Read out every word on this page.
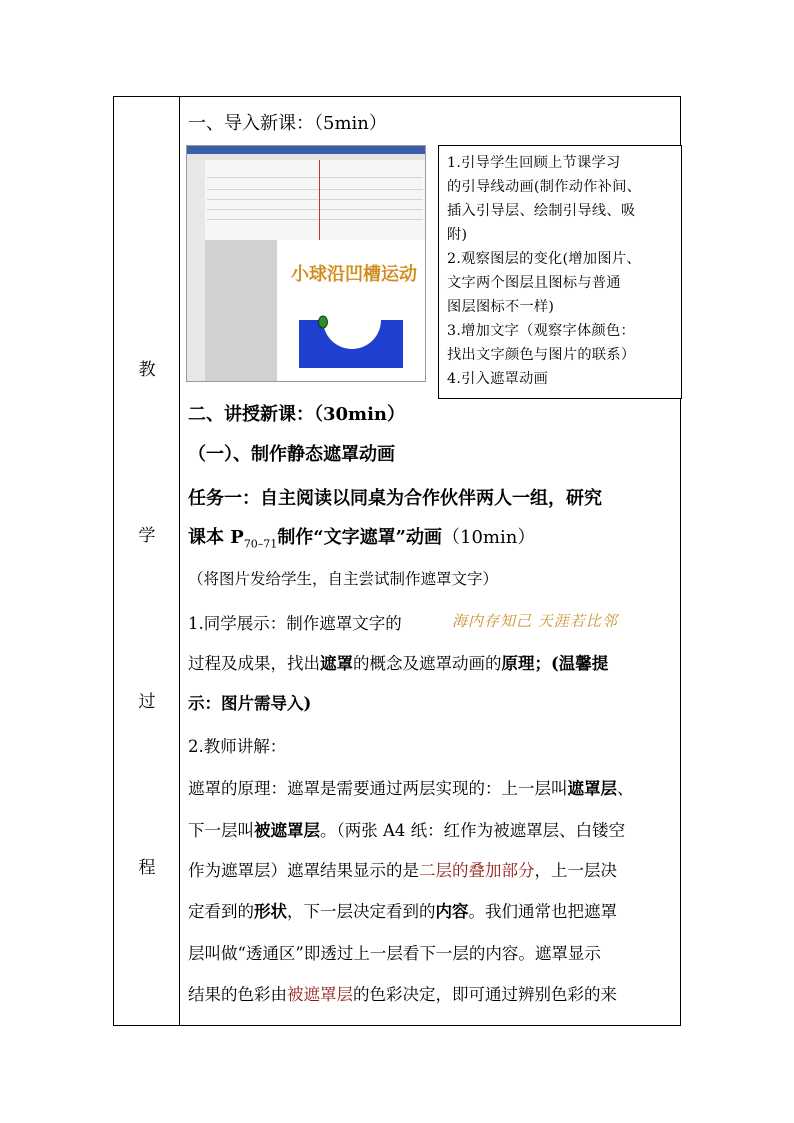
教
学
过
程
一、导入新课：（5min）
小球沿凹槽运动
1.引导学生回顾上节课学习
的引导线动画(制作动作补间、
插入引导层、绘制引导线、吸
附)
2.观察图层的变化(增加图片、
文字两个图层且图标与普通
图层图标不一样)
3.增加文字（观察字体颜色：
找出文字颜色与图片的联系）
4.引入遮罩动画
二、讲授新课：（30min）
（一）、制作静态遮罩动画
任务一：自主阅读以同桌为合作伙伴两人一组，研究
课本 $P_{70-71}$制作“文字遮罩”动画（10min）
（将图片发给学生，自主尝试制作遮罩文字）
1.同学展示：制作遮罩文字的	海内存知己 天涯若比邻
过程及成果，找出遮罩的概念及遮罩动画的原理；(温馨提
示：图片需导入)
2.教师讲解：
遮罩的原理：遮罩是需要通过两层实现的：上一层叫遮罩层、
下一层叫被遮罩层。（两张 A4 纸：红作为被遮罩层、白镂空
作为遮罩层）遮罩结果显示的是二层的叠加部分，上一层决
定看到的形状，下一层决定看到的内容。我们通常也把遮罩
层叫做“透通区”即透过上一层看下一层的内容。遮罩显示
结果的色彩由被遮罩层的色彩决定，即可通过辨别色彩的来
